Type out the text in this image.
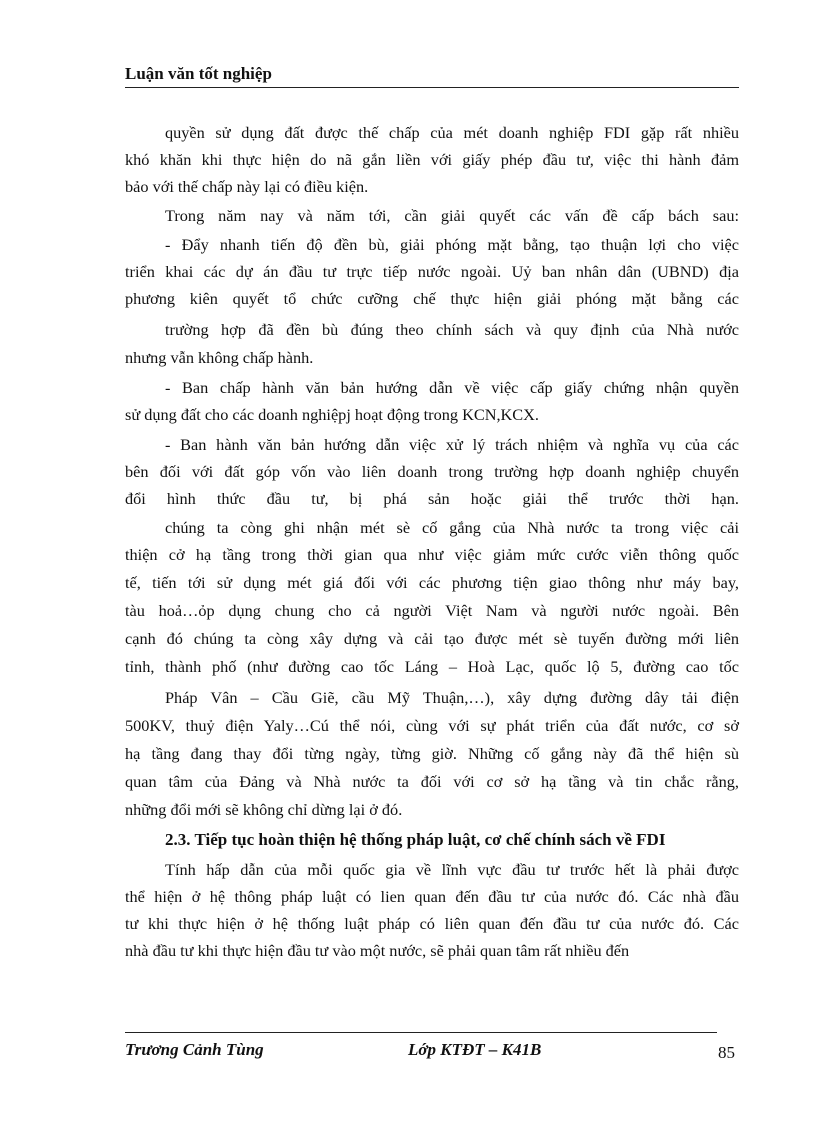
Luận văn tốt nghiệp
quyền sử dụng đất được thế chấp của mét doanh nghiệp FDI gặp rất nhiều
khó khăn khi thực hiện do nã gắn liền với giấy phép đầu tư, việc thi hành đảm
bảo với thế chấp này lại có điều kiện.
Trong năm nay và năm tới, cần giải quyết các vấn đề cấp bách sau:
- Đẩy nhanh tiến độ đền bù, giải phóng mặt bằng, tạo thuận lợi cho việc
triển khai các dự án đầu tư trực tiếp nước ngoài. Uỷ ban nhân dân (UBND) địa
phương kiên quyết tổ chức cưỡng chế thực hiện giải phóng mặt bằng các
trường hợp đã đền bù đúng theo chính sách và quy định của Nhà nước
nhưng vẫn không chấp hành.
- Ban chấp hành văn bản hướng dẫn về việc cấp giấy chứng nhận quyền
sử dụng đất cho các doanh nghiệpj hoạt động trong KCN,KCX.
- Ban hành văn bản hướng dẫn việc xử lý trách nhiệm và nghĩa vụ của các
bên đối với đất góp vốn vào liên doanh trong trường hợp doanh nghiệp chuyển
đổi hình thức đầu tư, bị phá sản hoặc giải thể trước thời hạn.
chúng ta còng ghi nhận mét sè cố gắng của Nhà nước ta trong việc cải
thiện cở hạ tầng trong thời gian qua như việc giảm mức cước viễn thông quốc
tế, tiến tới sử dụng mét giá đối với các phương tiện giao thông như máy bay,
tàu hoả…ỏp dụng chung cho cả người Việt Nam và người nước ngoài. Bên
cạnh đó chúng ta còng xây dựng và cải tạo được mét sè tuyến đường mới liên
tỉnh, thành phố (như đường cao tốc Láng – Hoà Lạc, quốc lộ 5, đường cao tốc
Pháp Vân – Cầu Giẽ, cầu Mỹ Thuận,…), xây dựng đường dây tải điện
500KV, thuỷ điện Yaly…Cú thể nói, cùng với sự phát triển của đất nước, cơ sở
hạ tầng đang thay đổi từng ngày, từng giờ. Những cố gắng này đã thể hiện sù
quan tâm của Đảng và Nhà nước ta đối với cơ sở hạ tầng và tin chắc rằng,
những đổi mới sẽ không chỉ dừng lại ở đó.
2.3. Tiếp tục hoàn thiện hệ thống pháp luật, cơ chế chính sách về FDI
Tính hấp dẫn của mỗi quốc gia về lĩnh vực đầu tư trước hết là phải được
thể hiện ở hệ thông pháp luật có lien quan đến đầu tư của nước đó. Các nhà đầu
tư khi thực hiện ở hệ thống luật pháp có liên quan đến đầu tư của nước đó. Các
nhà đầu tư khi thực hiện đầu tư vào một nước, sẽ phải quan tâm rất nhiều đến
Trương Cảnh Tùng	Lớp KTĐT – K41B	85
